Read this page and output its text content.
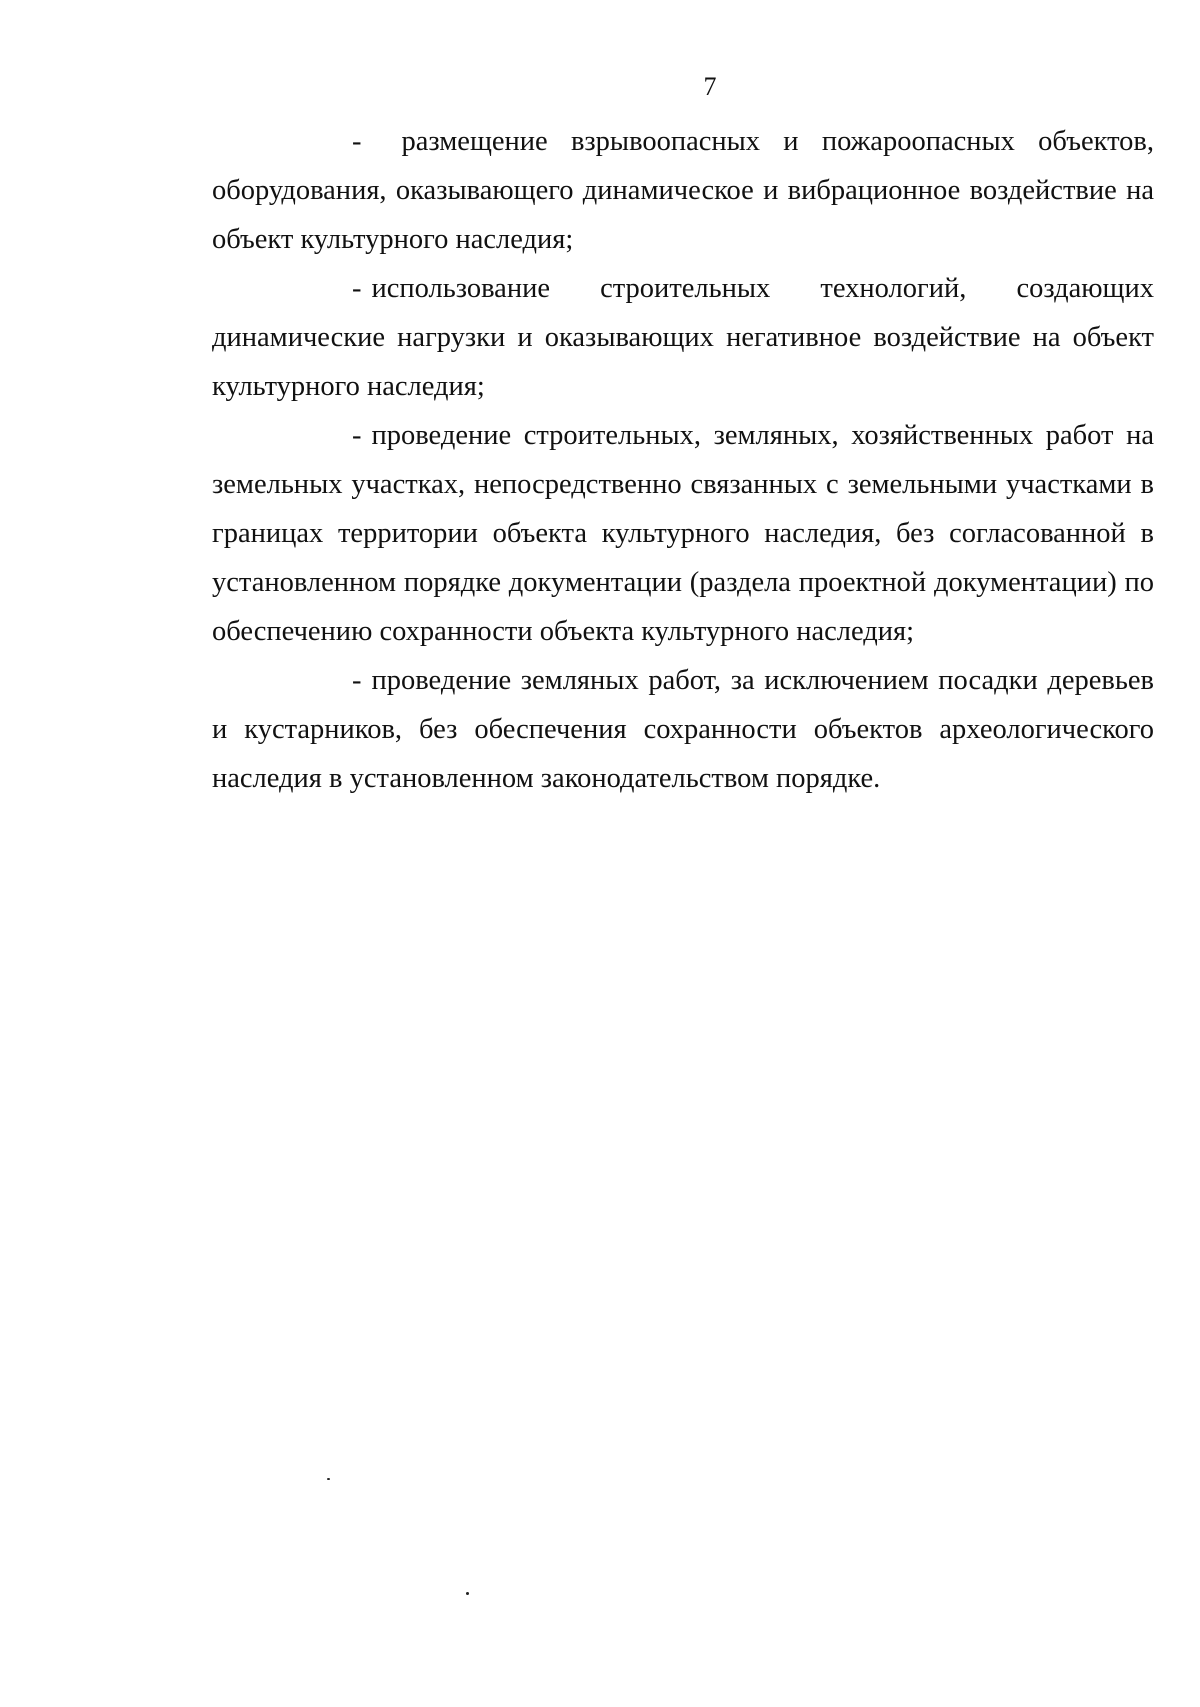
7

- размещение взрывоопасных и пожароопасных объектов, оборудования, оказывающего динамическое и вибрационное воздействие на объект культурного наследия;

- использование строительных технологий, создающих динамические нагрузки и оказывающих негативное воздействие на объект культурного наследия;

- проведение строительных, земляных, хозяйственных работ на земельных участках, непосредственно связанных с земельными участками в границах территории объекта культурного наследия, без согласованной в установленном порядке документации (раздела проектной документации) по обеспечению сохранности объекта культурного наследия;

- проведение земляных работ, за исключением посадки деревьев и кустарников, без обеспечения сохранности объектов археологического наследия в установленном законодательством порядке.
